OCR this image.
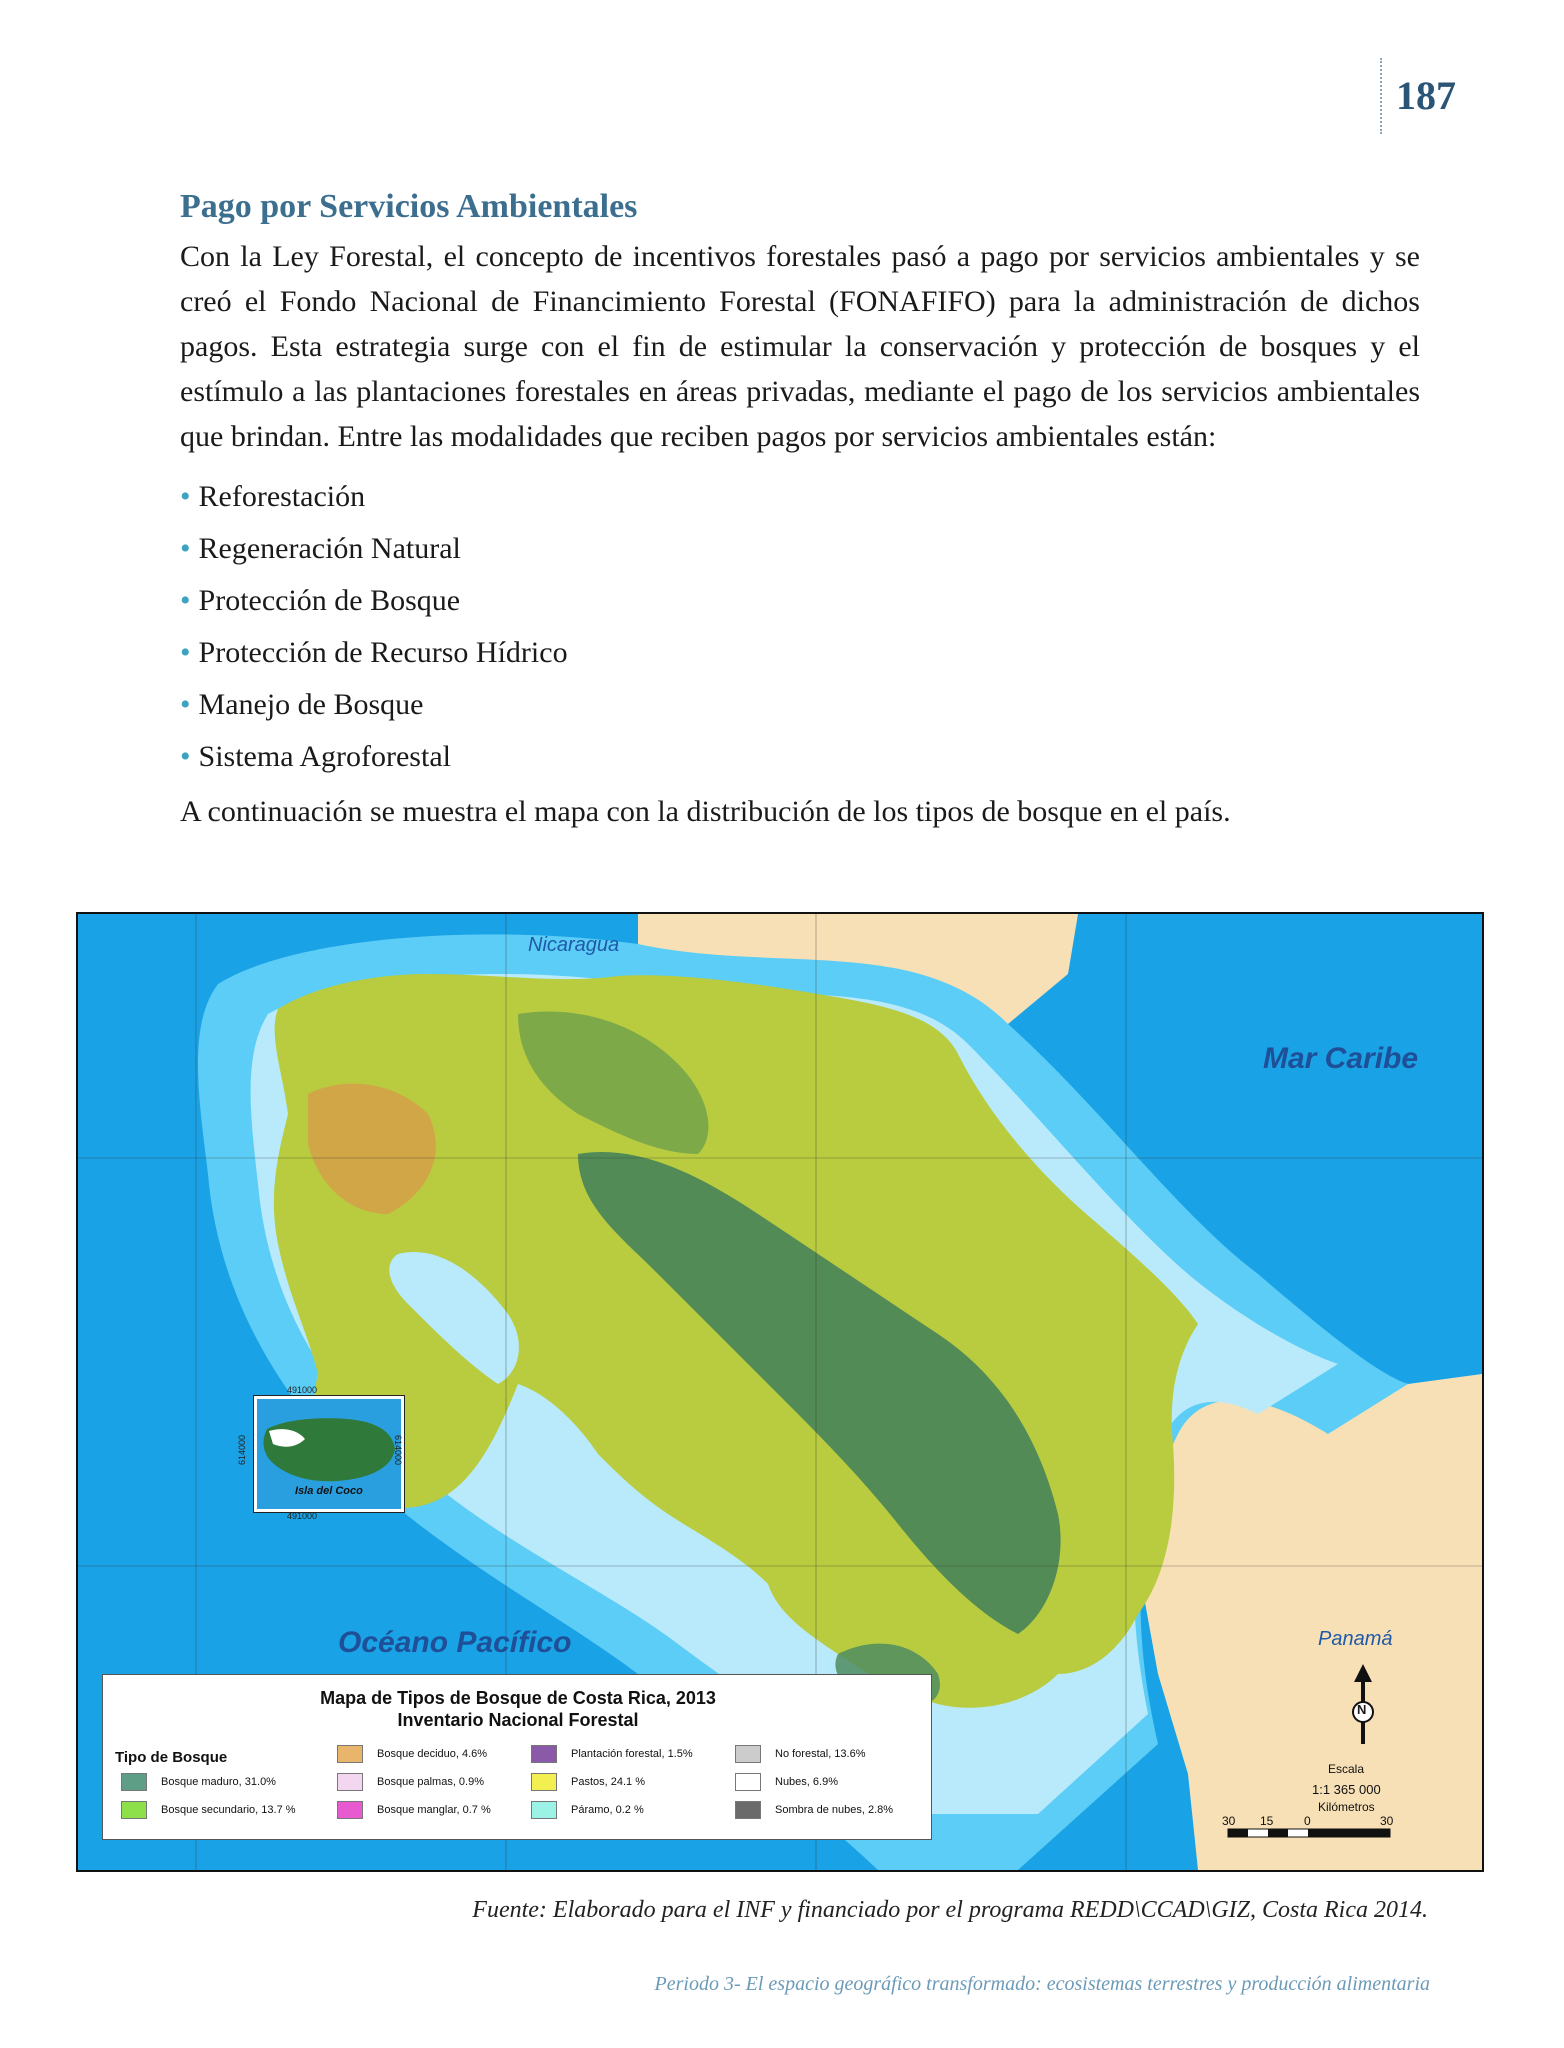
187
Pago por Servicios Ambientales

Con la Ley Forestal, el concepto de incentivos forestales pasó a pago por servicios ambientales y se creó el Fondo Nacional de Financimiento Forestal (FONAFIFO) para la administración de dichos pagos. Esta estrategia surge con el fin de estimular la conservación y protección de bosques y el estímulo a las plantaciones forestales en áreas privadas, mediante el pago de los servicios ambientales que brindan. Entre las modalidades que reciben pagos por servicios ambientales están:

• Reforestación
• Regeneración Natural
• Protección de Bosque
• Protección de Recurso Hídrico
• Manejo de Bosque
• Sistema Agroforestal

A continuación se muestra el mapa con la distribución de los tipos de bosque en el país.

Nicaragua
Mar Caribe
Océano Pacífico	Panamá
491000
491000
614000	614000
Isla del Coco
Mapa de Tipos de Bosque de Costa Rica, 2013
Inventario Nacional Forestal
Tipo de Bosque
Bosque maduro, 31.0%
Bosque secundario, 13.7 %
Bosque deciduo, 4.6%
Bosque palmas, 0.9%
Bosque manglar, 0.7 %
Plantación forestal, 1.5%
Pastos, 24.1 %
Páramo, 0.2 %
No forestal, 13.6%
Nubes, 6.9%
Sombra de nubes, 2.8%
N
Escala
1:1 365 000
Kilómetros
30 15	0	30
Fuente: Elaborado para el INF y financiado por el programa REDD\CCAD\GIZ, Costa Rica 2014.
Periodo 3- El espacio geográfico transformado: ecosistemas terrestres y producción alimentaria
